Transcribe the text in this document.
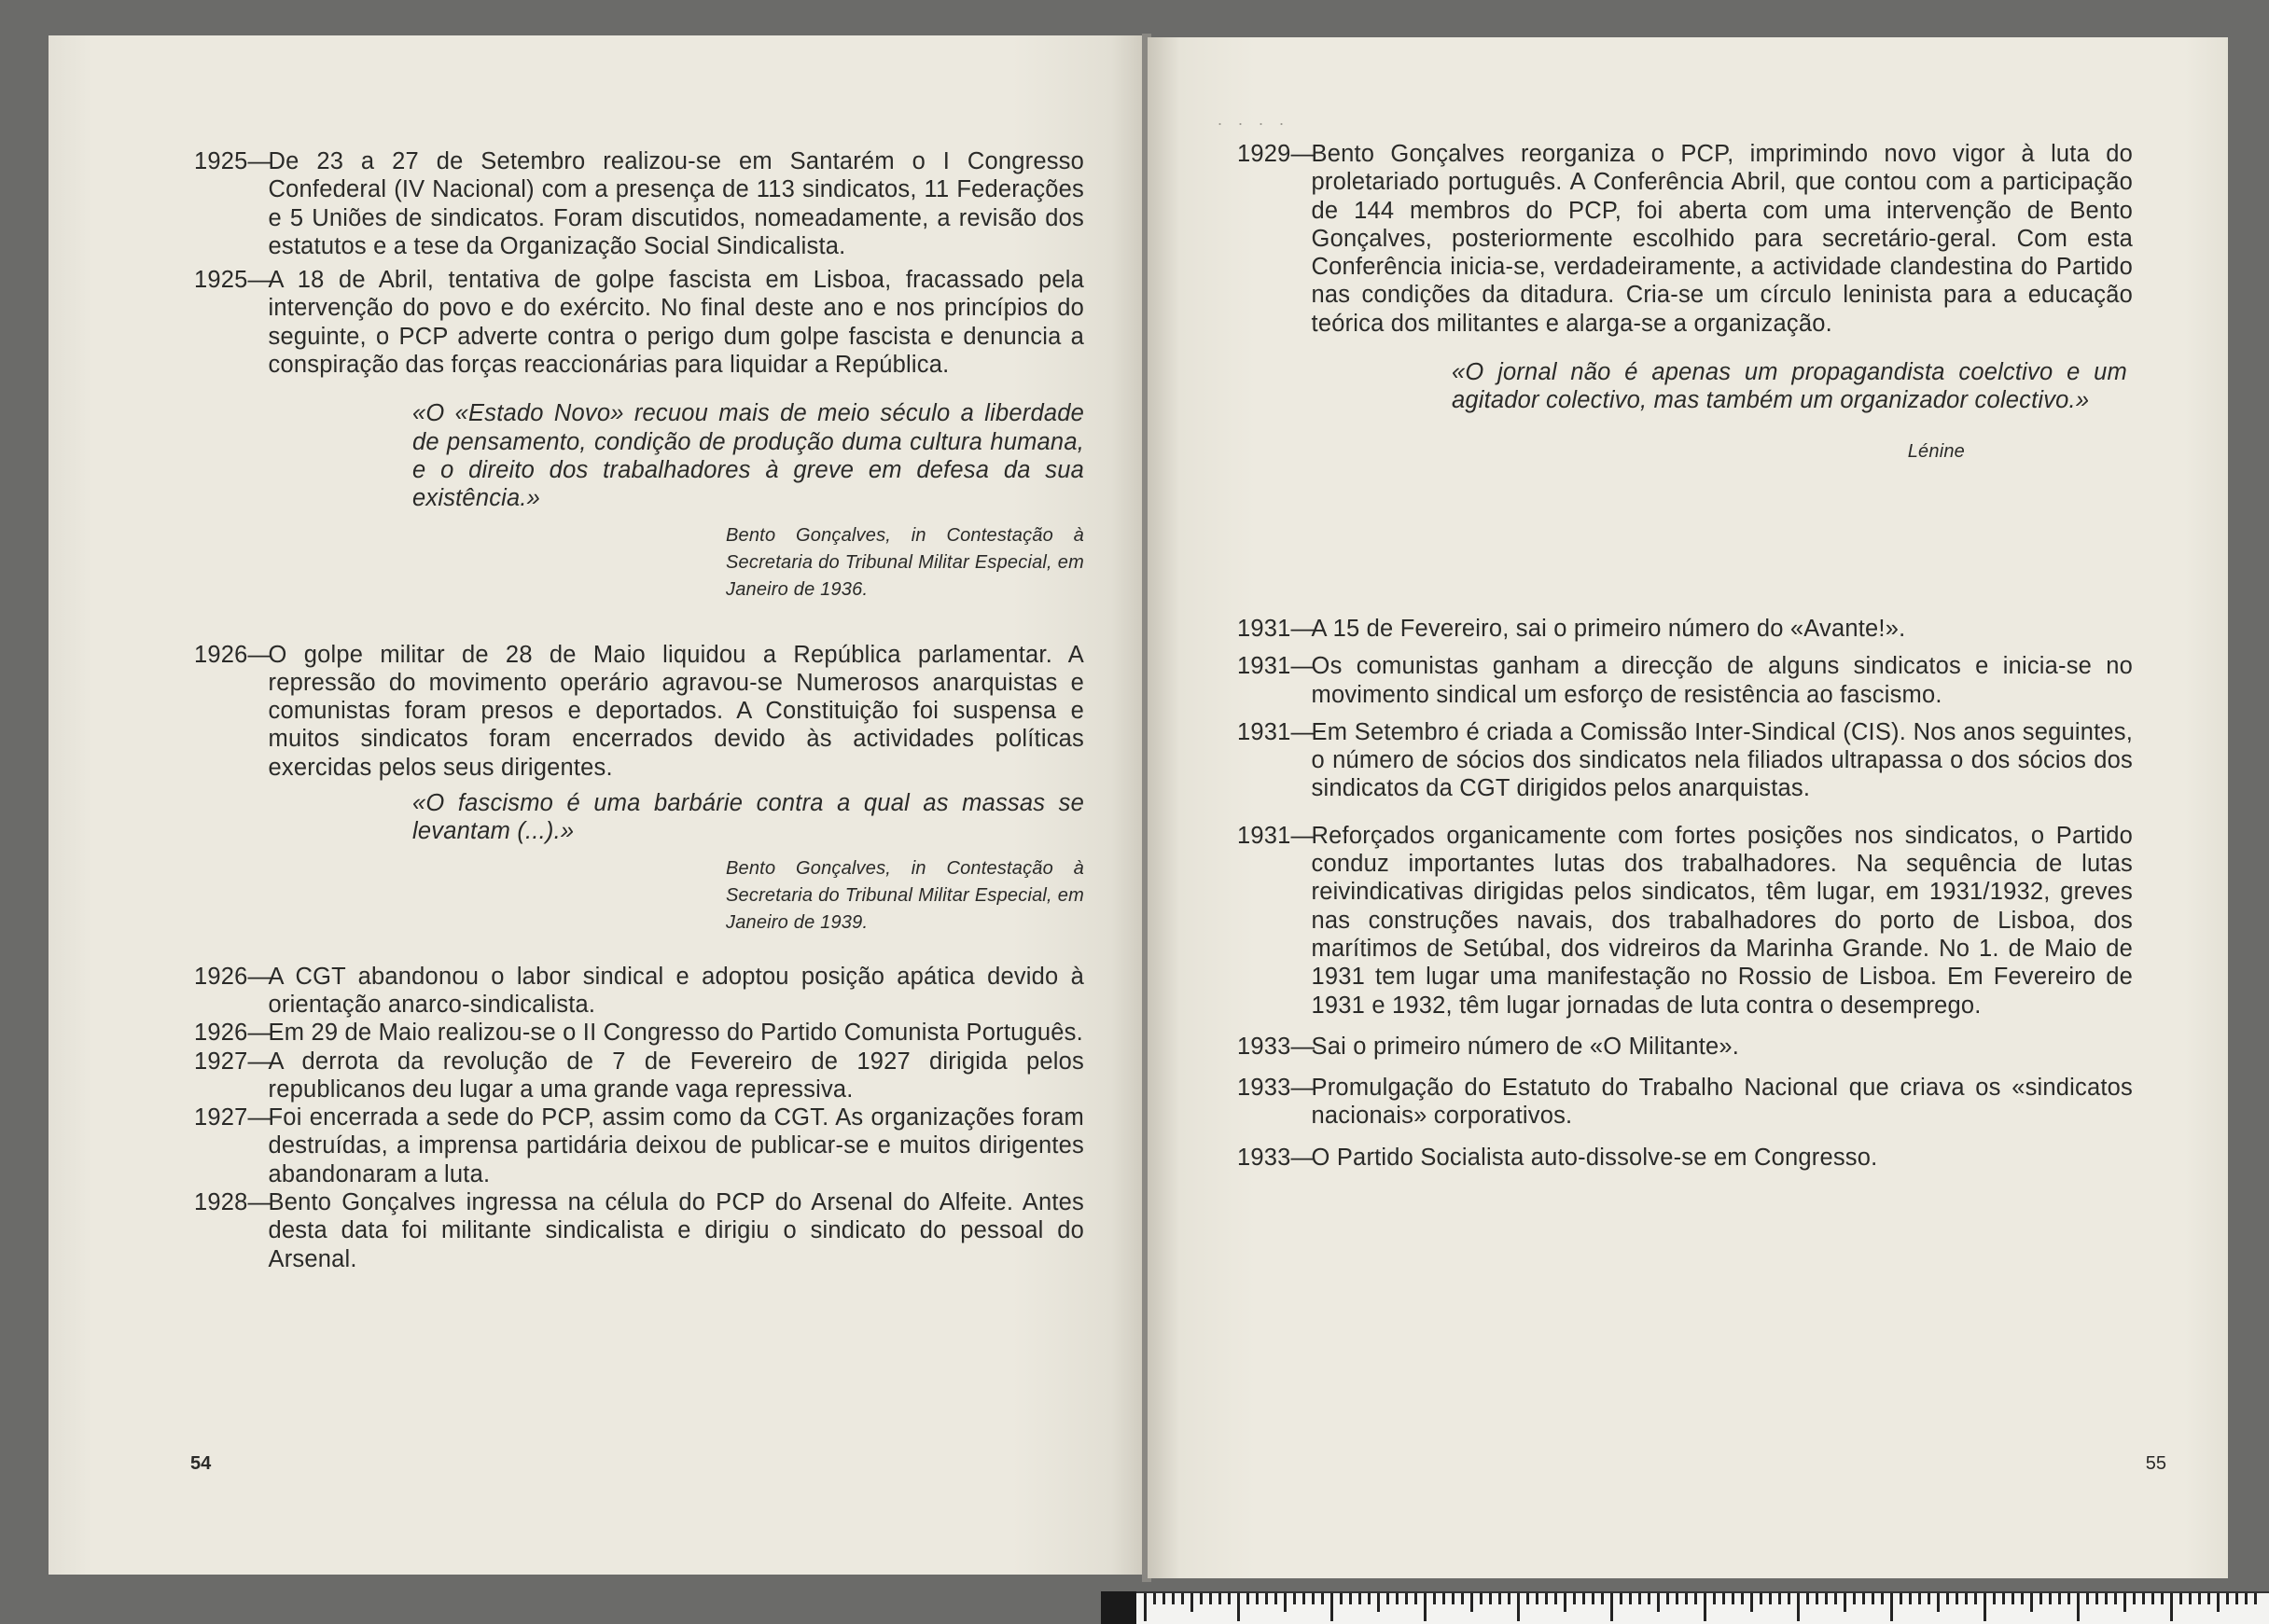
1925 —
De 23 a 27 de Setembro realizou-se em Santarém o I Congresso Confederal (IV Nacional) com a presença de 113 sindicatos, 11 Federações e 5 Uniões de sindicatos. Foram discutidos, nomeadamente, a revisão dos estatutos e a tese da Organização Social Sindicalista.
1925 —
A 18 de Abril, tentativa de golpe fascista em Lisboa, fracassado pela intervenção do povo e do exército. No final deste ano e nos princípios do seguinte, o PCP adverte contra o perigo dum golpe fascista e denuncia a conspiração das forças reaccionárias para liquidar a República.

«O «Estado Novo» recuou mais de meio século a liberdade de pensamento, condição de produção duma cultura humana, e o direito dos trabalhadores à greve em defesa da sua existência.»

Bento Gonçalves, in Contestação à Secretaria do Tribunal Militar Especial, em Janeiro de 1936.

1926 —
O golpe militar de 28 de Maio liquidou a República parlamentar. A repressão do movimento operário agravou-se Numerosos anarquistas e comunistas foram presos e deportados. A Constituição foi suspensa e muitos sindicatos foram encerrados devido às actividades políticas exercidas pelos seus dirigentes.

«O fascismo é uma barbárie contra a qual as massas se levantam (...).»

Bento Gonçalves, in Contestação à Secretaria do Tribunal Militar Especial, em Janeiro de 1939.

1926 —
A CGT abandonou o labor sindical e adoptou posição apática devido à orientação anarco-sindicalista.
1926 —
Em 29 de Maio realizou-se o II Congresso do Partido Comunista Português.
1927 —
A derrota da revolução de 7 de Fevereiro de 1927 dirigida pelos republicanos deu lugar a uma grande vaga repressiva.
1927 —
Foi encerrada a sede do PCP, assim como da CGT. As organizações foram destruídas, a imprensa partidária deixou de publicar-se e muitos dirigentes abandonaram a luta.
1928 —
Bento Gonçalves ingressa na célula do PCP do Arsenal do Alfeite. Antes desta data foi militante sindicalista e dirigiu o sindicato do pessoal do Arsenal.
54
. . . .
1929 —
Bento Gonçalves reorganiza o PCP, imprimindo novo vigor à luta do proletariado português. A Conferência Abril, que contou com a participação de 144 membros do PCP, foi aberta com uma intervenção de Bento Gonçalves, posteriormente escolhido para secretário-geral. Com esta Conferência inicia-se, verdadeiramente, a actividade clandestina do Partido nas condições da ditadura. Cria-se um círculo leninista para a educação teórica dos militantes e alarga-se a organização.

«O jornal não é apenas um propagandista coelctivo e um agitador colectivo, mas também um organizador colectivo.»

Lénine

1931 —
A 15 de Fevereiro, sai o primeiro número do «Avante!».
1931 —
Os comunistas ganham a direcção de alguns sindicatos e inicia-se no movimento sindical um esforço de resistência ao fascismo.
1931 —
Em Setembro é criada a Comissão Inter-Sindical (CIS). Nos anos seguintes, o número de sócios dos sindicatos nela filiados ultrapassa o dos sócios dos sindicatos da CGT dirigidos pelos anarquistas.
1931 —
Reforçados organicamente com fortes posições nos sindicatos, o Partido conduz importantes lutas dos trabalhadores. Na sequência de lutas reivindicativas dirigidas pelos sindicatos, têm lugar, em 1931/1932, greves nas construções navais, dos trabalhadores do porto de Lisboa, dos marítimos de Setúbal, dos vidreiros da Marinha Grande. No 1. de Maio de 1931 tem lugar uma manifestação no Rossio de Lisboa. Em Fevereiro de 1931 e 1932, têm lugar jornadas de luta contra o desemprego.
1933 —
Sai o primeiro número de «O Militante».
1933 —
Promulgação do Estatuto do Trabalho Nacional que criava os «sindicatos nacionais» corporativos.
1933 —
O Partido Socialista auto-dissolve-se em Congresso.
55
